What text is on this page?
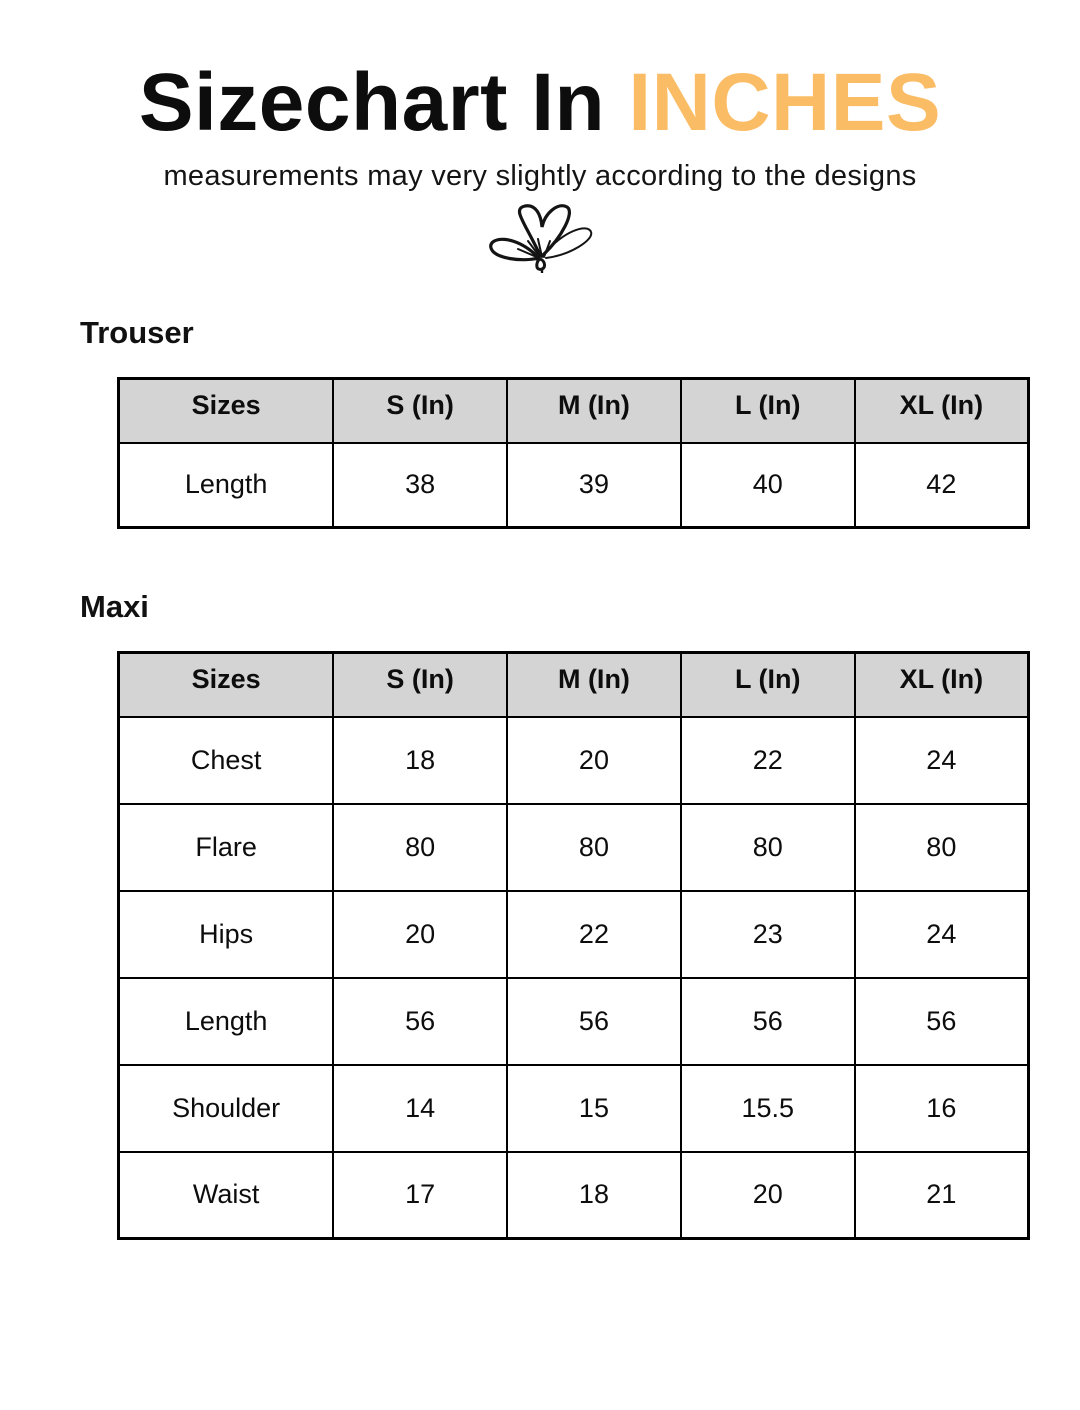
Sizechart In INCHES
measurements may very slightly according to the designs
Trouser
Sizes	S (In)	M (In)	L (In)	XL (In)
Length	38	39	40	42
Maxi
Sizes	S (In)	M (In)	L (In)	XL (In)
Chest	18	20	22	24
Flare	80	80	80	80
Hips	20	22	23	24
Length	56	56	56	56
Shoulder	14	15	15.5	16
Waist	17	18	20	21
